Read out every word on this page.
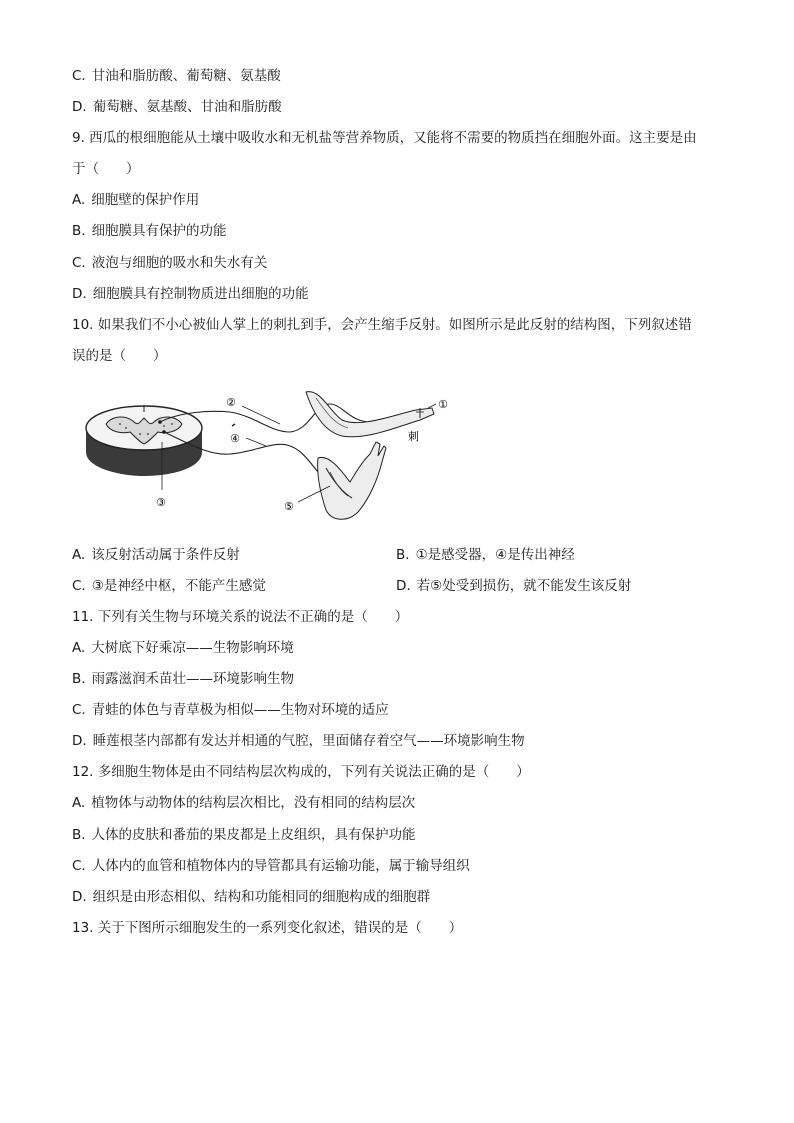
C. 甘油和脂肪酸、葡萄糖、氨基酸
D. 葡萄糖、氨基酸、甘油和脂肪酸
9. 西瓜的根细胞能从土壤中吸收水和无机盐等营养物质，又能将不需要的物质挡在细胞外面。这主要是由
于（　　）
A. 细胞壁的保护作用
B. 细胞膜具有保护的功能
C. 液泡与细胞的吸水和失水有关
D. 细胞膜具有控制物质进出细胞的功能
10. 如果我们不小心被仙人掌上的刺扎到手，会产生缩手反射。如图所示是此反射的结构图，下列叙述错
误的是（　　）
①
②
③
④
⑤
刺
A. 该反射活动属于条件反射	B. ①是感受器，④是传出神经
C. ③是神经中枢，不能产生感觉	D. 若⑤处受到损伤，就不能发生该反射
11. 下列有关生物与环境关系的说法不正确的是（　　）
A. 大树底下好乘凉——生物影响环境
B. 雨露滋润禾苗壮——环境影响生物
C. 青蛙的体色与青草极为相似——生物对环境的适应
D. 睡莲根茎内部都有发达并相通的气腔，里面储存着空气——环境影响生物
12. 多细胞生物体是由不同结构层次构成的，下列有关说法正确的是（　　）
A. 植物体与动物体的结构层次相比，没有相同的结构层次
B. 人体的皮肤和番茄的果皮都是上皮组织，具有保护功能
C. 人体内的血管和植物体内的导管都具有运输功能，属于输导组织
D. 组织是由形态相似、结构和功能相同的细胞构成的细胞群
13. 关于下图所示细胞发生的一系列变化叙述，错误的是（　　）
